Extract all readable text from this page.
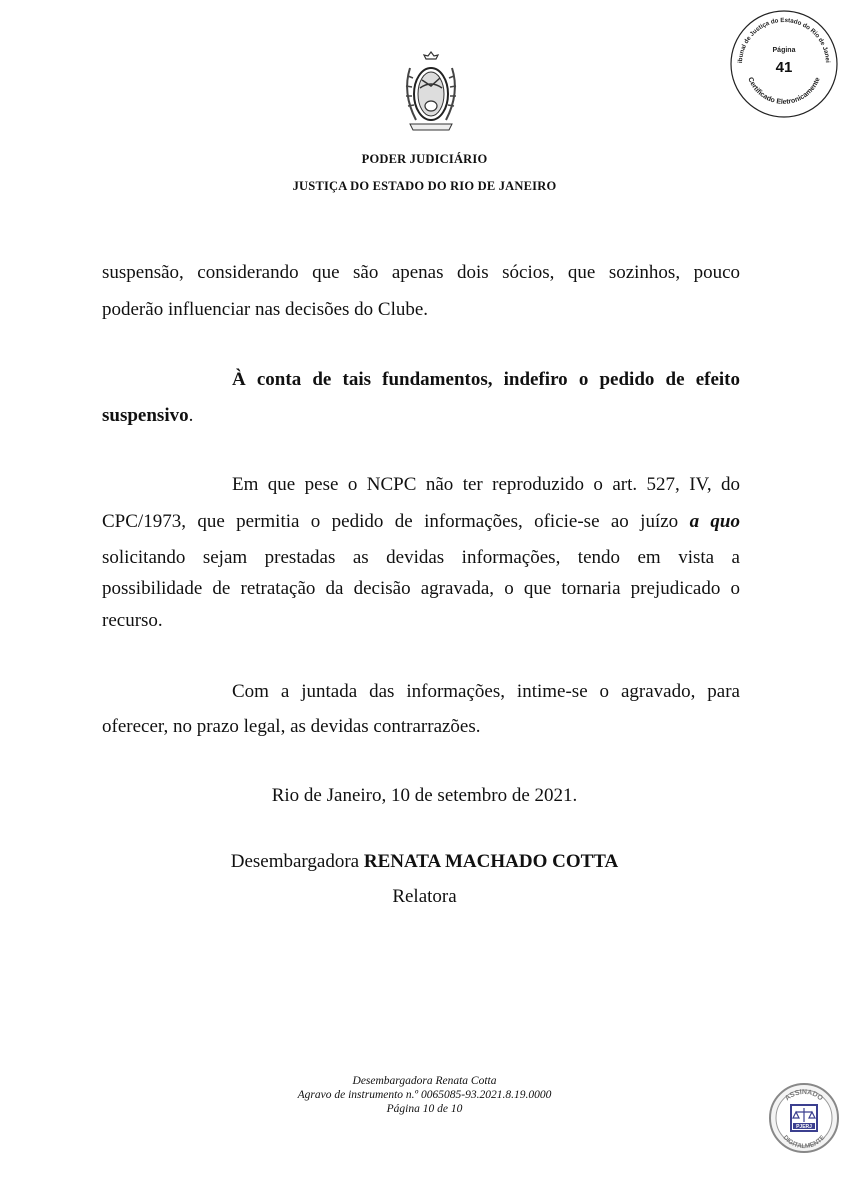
PODER JUDICIÁRIO
JUSTIÇA DO ESTADO DO RIO DE JANEIRO
ibunal de Justiça do Estado do Rio de Janei
Certificado Eletronicamente
Página
41
suspensão, considerando que são apenas dois sócios, que sozinhos, pouco
poderão influenciar nas decisões do Clube.
À conta de tais fundamentos, indefiro o pedido de efeito
suspensivo.
Em que pese o NCPC não ter reproduzido o art. 527, IV, do
CPC/1973, que permitia o pedido de informações, oficie-se ao juízo a quo
solicitando sejam prestadas as devidas informações, tendo em vista a
possibilidade de retratação da decisão agravada, o que tornaria prejudicado o
recurso.
Com a juntada das informações, intime-se o agravado, para
oferecer, no prazo legal, as devidas contrarrazões.
Rio de Janeiro, 10 de setembro de 2021.
Desembargadora RENATA MACHADO COTTA
Relatora
Desembargadora Renata Cotta
Agravo de instrumento n.º 0065085-93.2021.8.19.0000
Página 10 de 10
ASSINADO
DIGITALMENTE
PJERJ
